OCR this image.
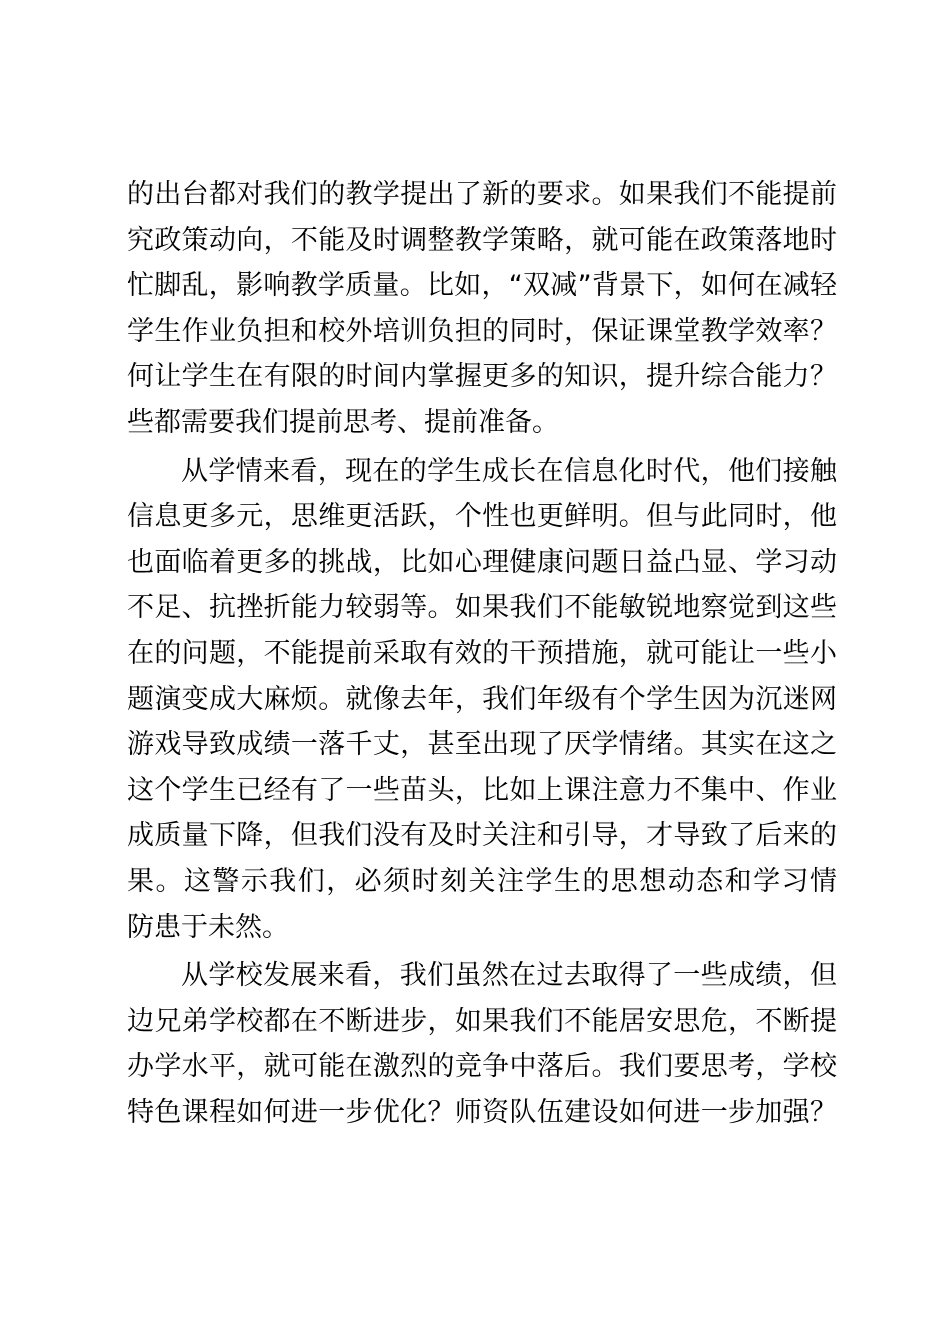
的出台都对我们的教学提出了新的要求。如果我们不能提前
究政策动向，不能及时调整教学策略，就可能在政策落地时
忙脚乱，影响教学质量。比如，“双减”背景下，如何在减轻
学生作业负担和校外培训负担的同时，保证课堂教学效率？
何让学生在有限的时间内掌握更多的知识，提升综合能力？
些都需要我们提前思考、提前准备。
从学情来看，现在的学生成长在信息化时代，他们接触
信息更多元，思维更活跃，个性也更鲜明。但与此同时，他
也面临着更多的挑战，比如心理健康问题日益凸显、学习动
不足、抗挫折能力较弱等。如果我们不能敏锐地察觉到这些
在的问题，不能提前采取有效的干预措施，就可能让一些小
题演变成大麻烦。就像去年，我们年级有个学生因为沉迷网
游戏导致成绩一落千丈，甚至出现了厌学情绪。其实在这之
这个学生已经有了一些苗头，比如上课注意力不集中、作业
成质量下降，但我们没有及时关注和引导，才导致了后来的
果。这警示我们，必须时刻关注学生的思想动态和学习情
防患于未然。
从学校发展来看，我们虽然在过去取得了一些成绩，但
边兄弟学校都在不断进步，如果我们不能居安思危，不断提
办学水平，就可能在激烈的竞争中落后。我们要思考，学校
特色课程如何进一步优化？师资队伍建设如何进一步加强？
